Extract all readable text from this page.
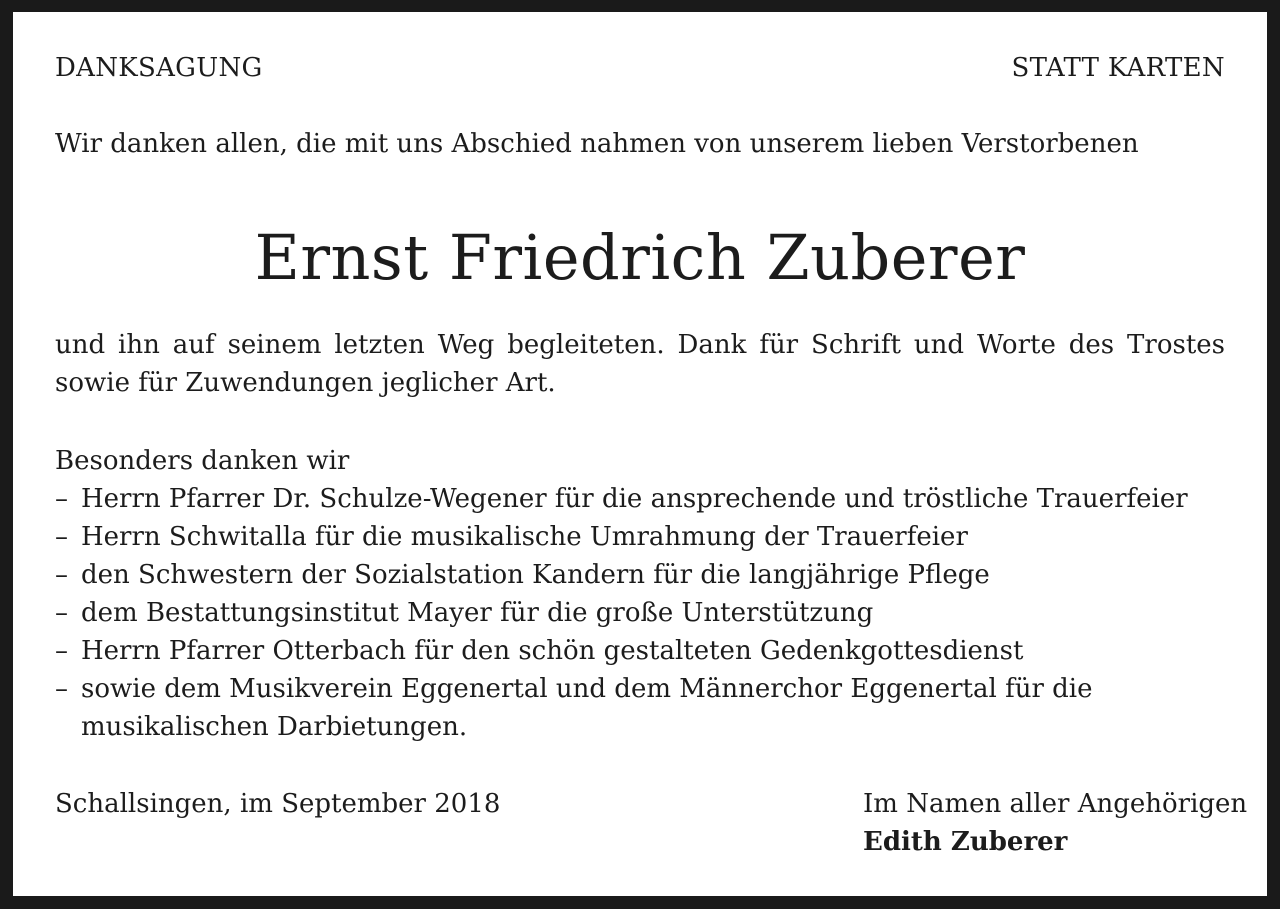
DANKSAGUNG	STATT KARTEN
Wir danken allen, die mit uns Abschied nahmen von unserem lieben Verstorbenen
Ernst Friedrich Zuberer
und ihn auf seinem letzten Weg begleiteten. Dank für Schrift und Worte des Trostes sowie für Zuwendungen jeglicher Art.

Besonders danken wir

– Herrn Pfarrer Dr. Schulze-Wegener für die ansprechende und tröstliche Trauerfeier
– Herrn Schwitalla für die musikalische Umrahmung der Trauerfeier
– den Schwestern der Sozialstation Kandern für die langjährige Pflege
– dem Bestattungsinstitut Mayer für die große Unterstützung
– Herrn Pfarrer Otterbach für den schön gestalteten Gedenkgottesdienst
– sowie dem Musikverein Eggenertal und dem Männerchor Eggenertal für die musikalischen Darbietungen.
Schallsingen, im September 2018	Im Namen aller Angehörigen
Edith Zuberer
